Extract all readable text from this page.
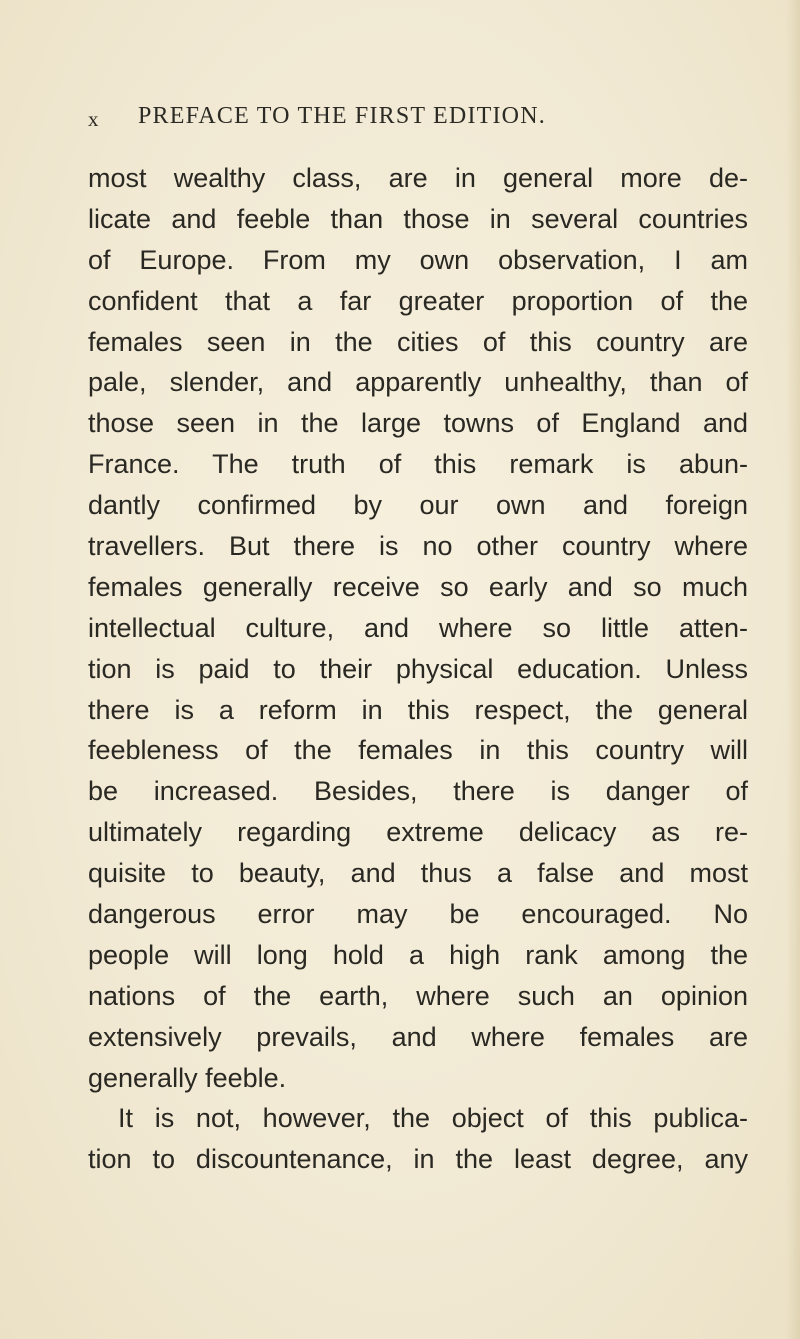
x PREFACE TO THE FIRST EDITION.
most wealthy class, are in general more de-
licate and feeble than those in several countries
of Europe. From my own observation, I am
confident that a far greater proportion of the
females seen in the cities of this country are
pale, slender, and apparently unhealthy, than of
those seen in the large towns of England and
France. The truth of this remark is abun-
dantly confirmed by our own and foreign
travellers. But there is no other country where
females generally receive so early and so much
intellectual culture, and where so little atten-
tion is paid to their physical education. Unless
there is a reform in this respect, the general
feebleness of the females in this country will
be increased. Besides, there is danger of
ultimately regarding extreme delicacy as re-
quisite to beauty, and thus a false and most
dangerous error may be encouraged. No
people will long hold a high rank among the
nations of the earth, where such an opinion
extensively prevails, and where females are
generally feeble.
It is not, however, the object of this publica-
tion to discountenance, in the least degree, any
